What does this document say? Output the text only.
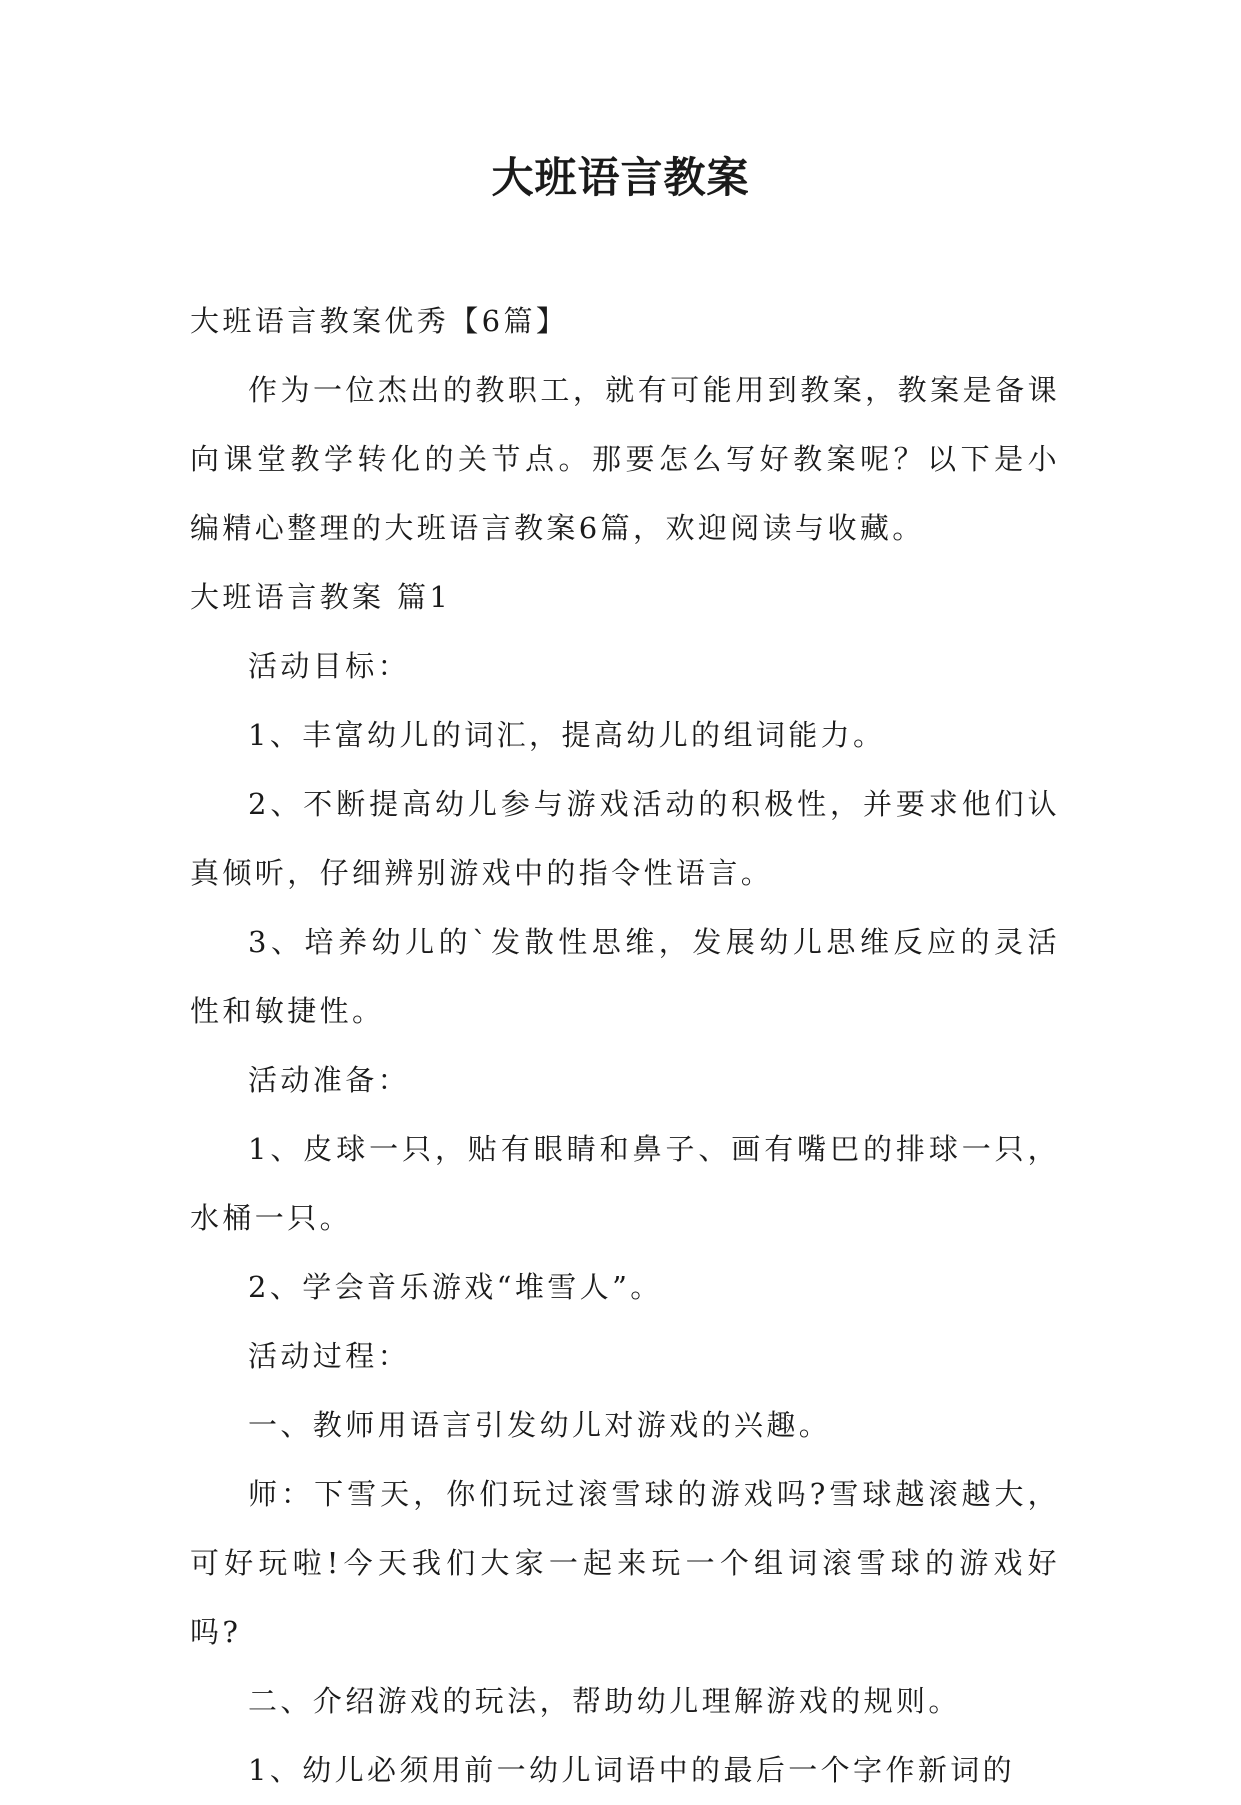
大班语言教案

大班语言教案优秀【6篇】

作为一位杰出的教职工，就有可能用到教案，教案是备课向课堂教学转化的关节点。那要怎么写好教案呢？以下是小编精心整理的大班语言教案6篇，欢迎阅读与收藏。

大班语言教案 篇1

活动目标：

1、丰富幼儿的词汇，提高幼儿的组词能力。

2、不断提高幼儿参与游戏活动的积极性，并要求他们认真倾听，仔细辨别游戏中的指令性语言。

3、培养幼儿的`发散性思维，发展幼儿思维反应的灵活性和敏捷性。

活动准备：

1、皮球一只，贴有眼睛和鼻子、画有嘴巴的排球一只，水桶一只。

2、学会音乐游戏“堆雪人”。

活动过程：

一、教师用语言引发幼儿对游戏的兴趣。

师：下雪天，你们玩过滚雪球的游戏吗?雪球越滚越大，可好玩啦!今天我们大家一起来玩一个组词滚雪球的游戏好吗?

二、介绍游戏的玩法，帮助幼儿理解游戏的规则。

1、幼儿必须用前一幼儿词语中的最后一个字作新词的
